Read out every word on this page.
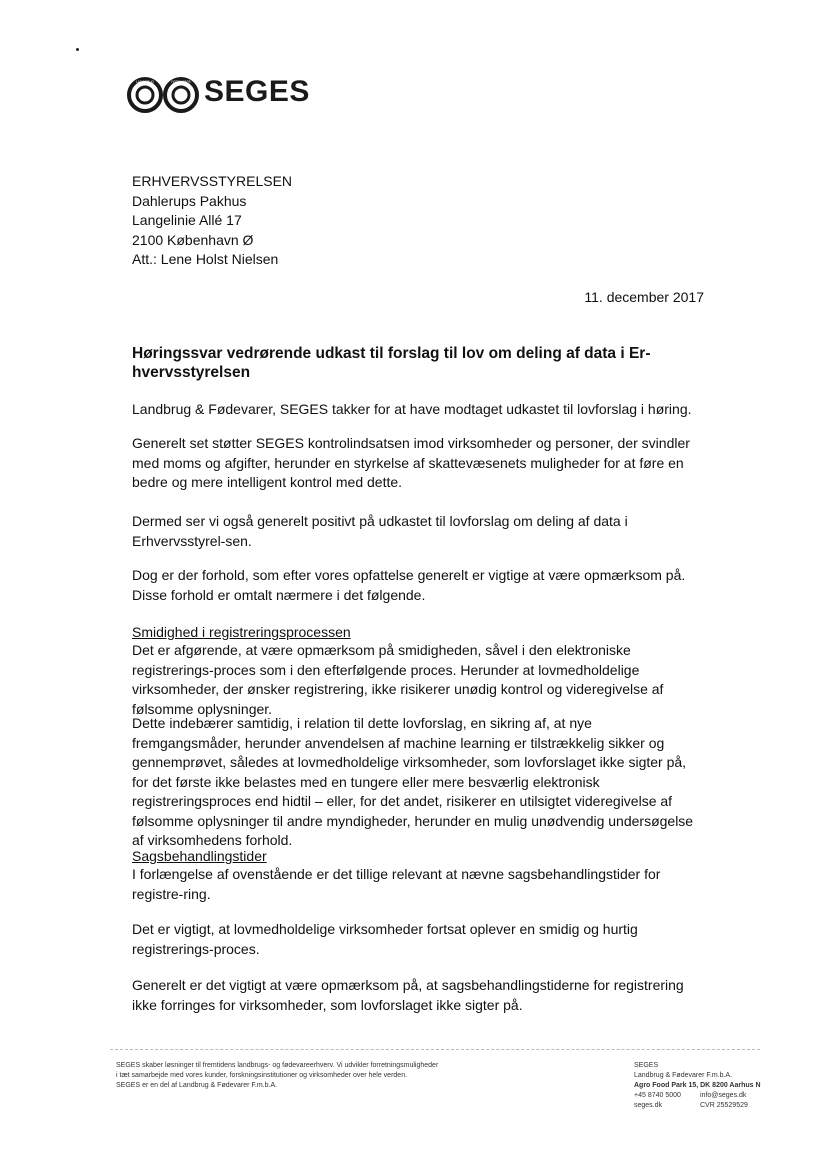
LANDBRUG	FØDEVARER SEGES
ERHVERVSSTYRELSEN
Dahlerups Pakhus
Langelinie Allé 17
2100 København Ø
Att.: Lene Holst Nielsen
11. december 2017
Høringssvar vedrørende udkast til forslag til lov om deling af data i Er-hvervsstyrelsen

Landbrug & Fødevarer, SEGES takker for at have modtaget udkastet til lovforslag i høring.

Generelt set støtter SEGES kontrolindsatsen imod virksomheder og personer, der svindler med moms og afgifter, herunder en styrkelse af skattevæsenets muligheder for at føre en bedre og mere intelligent kontrol med dette.

Dermed ser vi også generelt positivt på udkastet til lovforslag om deling af data i Erhvervsstyrel-sen.

Dog er der forhold, som efter vores opfattelse generelt er vigtige at være opmærksom på. Disse forhold er omtalt nærmere i det følgende.

Smidighed i registreringsprocessen

Det er afgørende, at være opmærksom på smidigheden, såvel i den elektroniske registrerings-proces som i den efterfølgende proces. Herunder at lovmedholdelige virksomheder, der ønsker registrering, ikke risikerer unødig kontrol og videregivelse af følsomme oplysninger.

Dette indebærer samtidig, i relation til dette lovforslag, en sikring af, at nye fremgangsmåder, herunder anvendelsen af machine learning er tilstrækkelig sikker og gennemprøvet, således at lovmedholdelige virksomheder, som lovforslaget ikke sigter på, for det første ikke belastes med en tungere eller mere besværlig elektronisk registreringsproces end hidtil – eller, for det andet, risikerer en utilsigtet videregivelse af følsomme oplysninger til andre myndigheder, herunder en mulig unødvendig undersøgelse af virksomhedens forhold.

Sagsbehandlingstider

I forlængelse af ovenstående er det tillige relevant at nævne sagsbehandlingstider for registre-ring.

Det er vigtigt, at lovmedholdelige virksomheder fortsat oplever en smidig og hurtig registrerings-proces.

Generelt er det vigtigt at være opmærksom på, at sagsbehandlingstiderne for registrering ikke forringes for virksomheder, som lovforslaget ikke sigter på.

SEGES skaber løsninger til fremtidens landbrugs- og fødevareerhverv. Vi udvikler forretningsmuligheder
i tæt samarbejde med vores kunder, forskningsinstitutioner og virksomheder over hele verden.
SEGES er en del af Landbrug & Fødevarer F.m.b.A.
SEGES
Landbrug & Fødevarer F.m.b.A.
Agro Food Park 15, DK 8200 Aarhus N
+45 8740 5000	info@seges.dk
seges.dk	CVR 25529529
